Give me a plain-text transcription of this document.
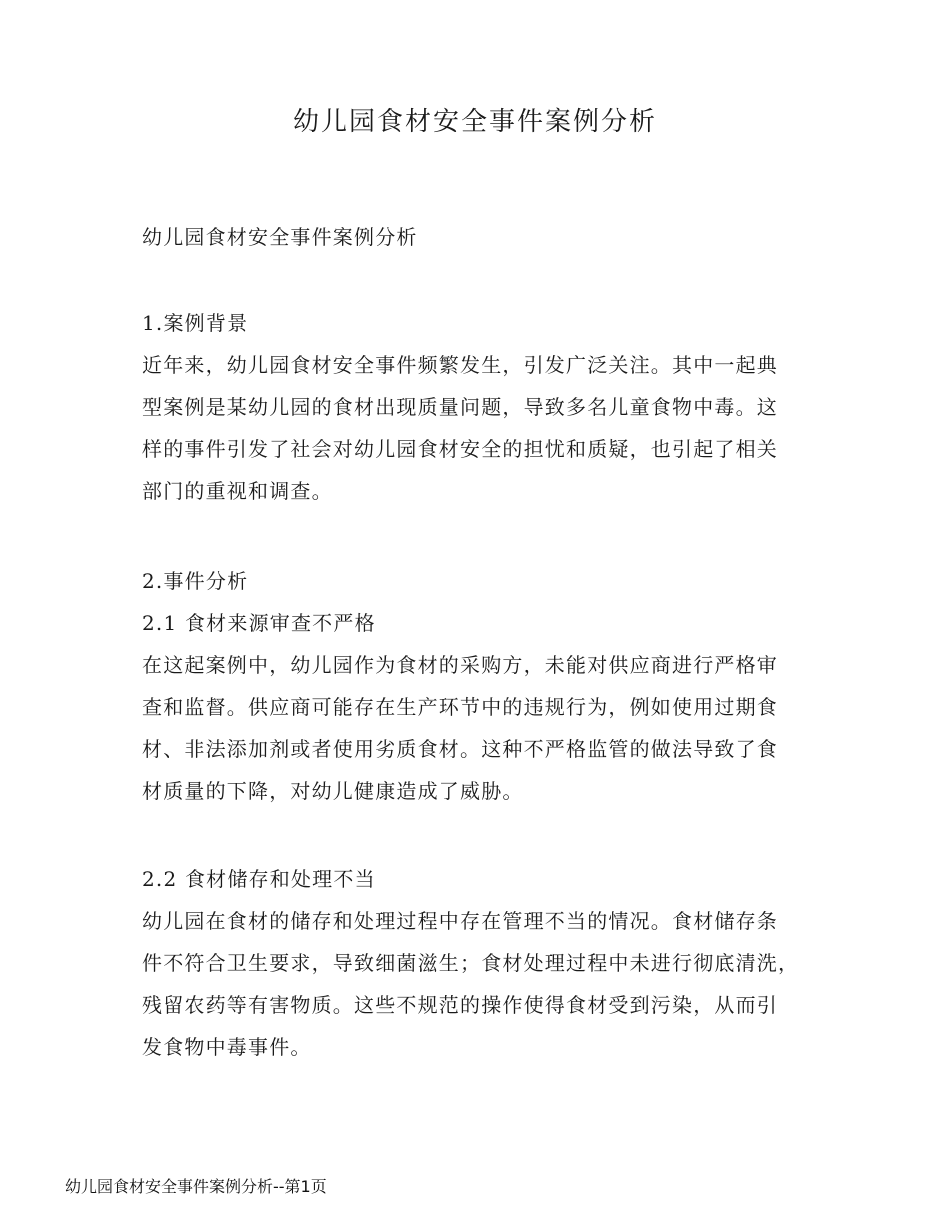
幼儿园食材安全事件案例分析

幼儿园食材安全事件案例分析

1.案例背景

近年来，幼儿园食材安全事件频繁发生，引发广泛关注。其中一起典
型案例是某幼儿园的食材出现质量问题，导致多名儿童食物中毒。这
样的事件引发了社会对幼儿园食材安全的担忧和质疑，也引起了相关
部门的重视和调查。

2.事件分析

2.1 食材来源审查不严格

在这起案例中，幼儿园作为食材的采购方，未能对供应商进行严格审
查和监督。供应商可能存在生产环节中的违规行为，例如使用过期食
材、非法添加剂或者使用劣质食材。这种不严格监管的做法导致了食
材质量的下降，对幼儿健康造成了威胁。

2.2 食材储存和处理不当

幼儿园在食材的储存和处理过程中存在管理不当的情况。食材储存条
件不符合卫生要求，导致细菌滋生；食材处理过程中未进行彻底清洗，
残留农药等有害物质。这些不规范的操作使得食材受到污染，从而引
发食物中毒事件。

幼儿园食材安全事件案例分析--第1页
